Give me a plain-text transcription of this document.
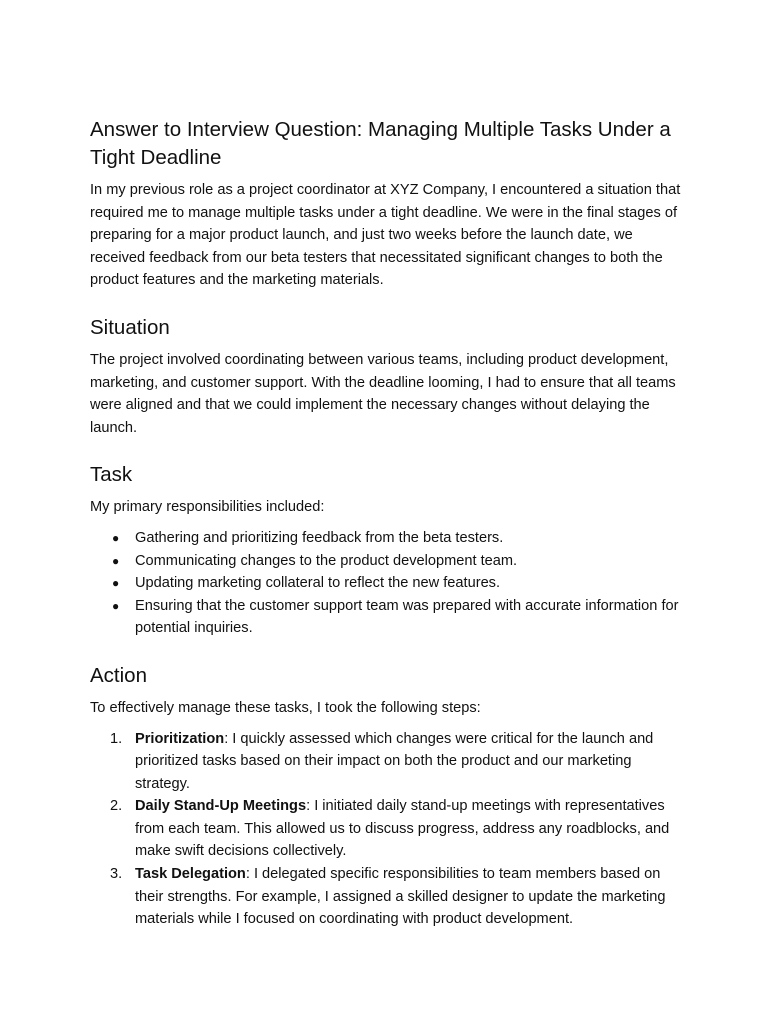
Answer to Interview Question: Managing Multiple Tasks Under a Tight Deadline

In my previous role as a project coordinator at XYZ Company, I encountered a situation that required me to manage multiple tasks under a tight deadline. We were in the final stages of preparing for a major product launch, and just two weeks before the launch date, we received feedback from our beta testers that necessitated significant changes to both the product features and the marketing materials.

Situation

The project involved coordinating between various teams, including product development, marketing, and customer support. With the deadline looming, I had to ensure that all teams were aligned and that we could implement the necessary changes without delaying the launch.

Task

My primary responsibilities included:

● Gathering and prioritizing feedback from the beta testers.
● Communicating changes to the product development team.
● Updating marketing collateral to reflect the new features.
● Ensuring that the customer support team was prepared with accurate information for potential inquiries.
Action

To effectively manage these tasks, I took the following steps:

1. Prioritization: I quickly assessed which changes were critical for the launch and prioritized tasks based on their impact on both the product and our marketing strategy.
2. Daily Stand-Up Meetings: I initiated daily stand-up meetings with representatives from each team. This allowed us to discuss progress, address any roadblocks, and make swift decisions collectively.
3. Task Delegation: I delegated specific responsibilities to team members based on their strengths. For example, I assigned a skilled designer to update the marketing materials while I focused on coordinating with product development.
